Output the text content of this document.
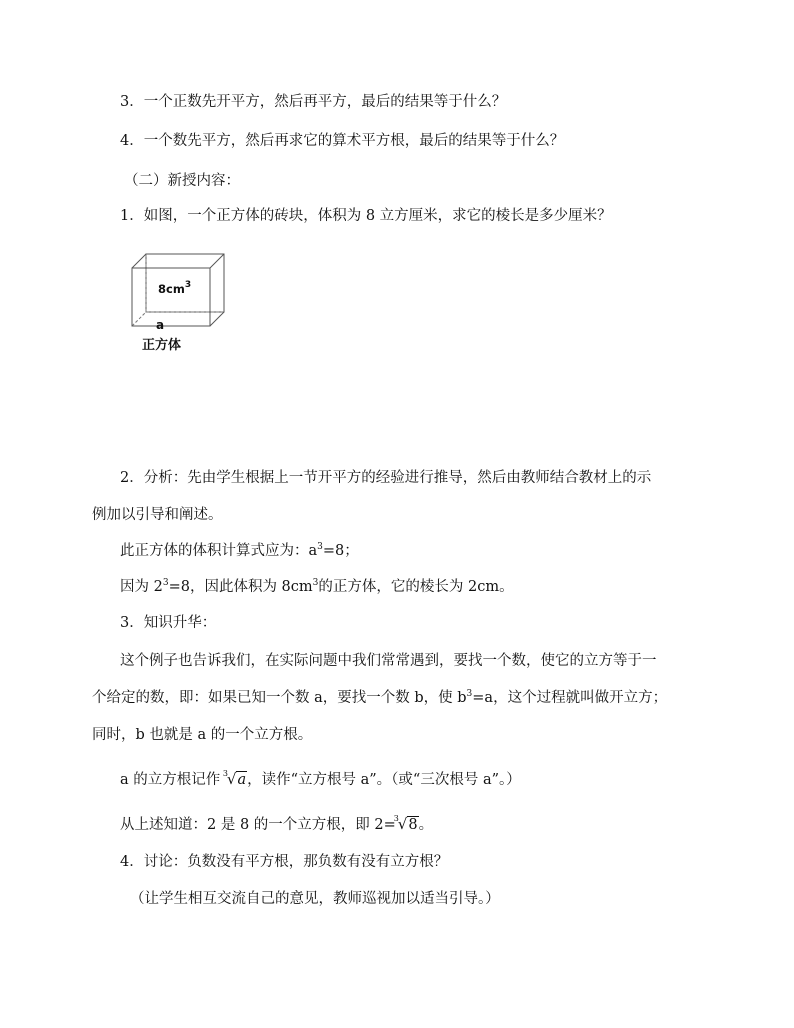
3．一个正数先开平方，然后再平方，最后的结果等于什么？
4．一个数先平方，然后再求它的算术平方根，最后的结果等于什么？
（二）新授内容：
1．如图，一个正方体的砖块，体积为 8 立方厘米，求它的棱长是多少厘米？
$8cm^3$
a
正方体
2．分析：先由学生根据上一节开平方的经验进行推导，然后由教师结合教材上的示
例加以引导和阐述。
此正方体的体积计算式应为：$a^3=8$；
因为 $2^3=8$，因此体积为 $8cm^3$的正方体，它的棱长为 2cm。
3．知识升华：
这个例子也告诉我们，在实际问题中我们常常遇到，要找一个数，使它的立方等于一
个给定的数，即：如果已知一个数 a，要找一个数 b，使 $b^3=a$，这个过程就叫做开立方；
同时，b 也就是 a 的一个立方根。
a 的立方根记作 3
√a，读作“立方根号 a”。（或“三次根号 a”。）
从上述知道：2 是 8 的一个立方根，即 2=
3
√8。
4．讨论：负数没有平方根，那负数有没有立方根？
（让学生相互交流自己的意见，教师巡视加以适当引导。）
